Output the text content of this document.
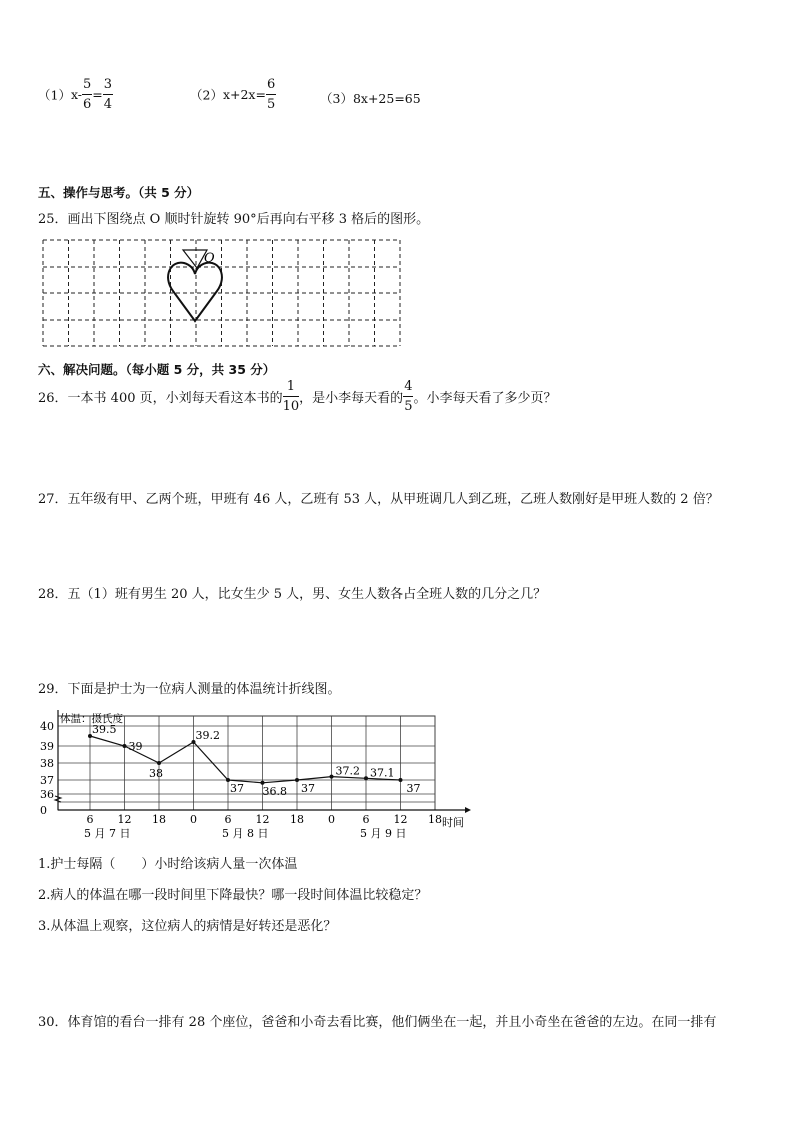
$(1)x- \frac{5}{6} = \frac{3}{4}$	$(2)x+2x= \frac{6}{5}$	（3）8x+25=65
五、操作与思考。（共 5 分）
25．画出下图绕点 O 顺时针旋转 90°后再向右平移 3 格后的图形。
O
六、解决问题。（每小题 5 分，共 35 分）
26．一本书 400 页，小刘每天看这本书的 $\frac{1}{10}$ ，是小李每天看的 $\frac{4}{5}$ 。小李每天看了多少页？
27．五年级有甲、乙两个班，甲班有 46 人，乙班有 53 人，从甲班调几人到乙班，乙班人数刚好是甲班人数的 2 倍？
28．五（1）班有男生 20 人，比女生少 5 人，男、女生人数各占全班人数的几分之几？
29．下面是护士为一位病人测量的体温统计折线图。
体温：摄氏度
40
39
38
37
36
0
6 12 18 0	6 12 18 0	6 12 18 时间
5 月 7 日	5 月 8 日	5 月 9 日
39.5
39
38
39.2
37 36.8 37
37.2 37.1
37
1.护士每隔（　　）小时给该病人量一次体温
2.病人的体温在哪一段时间里下降最快？哪一段时间体温比较稳定？
3.从体温上观察，这位病人的病情是好转还是恶化？
30．体育馆的看台一排有 28 个座位，爸爸和小奇去看比赛，他们俩坐在一起，并且小奇坐在爸爸的左边。在同一排有
